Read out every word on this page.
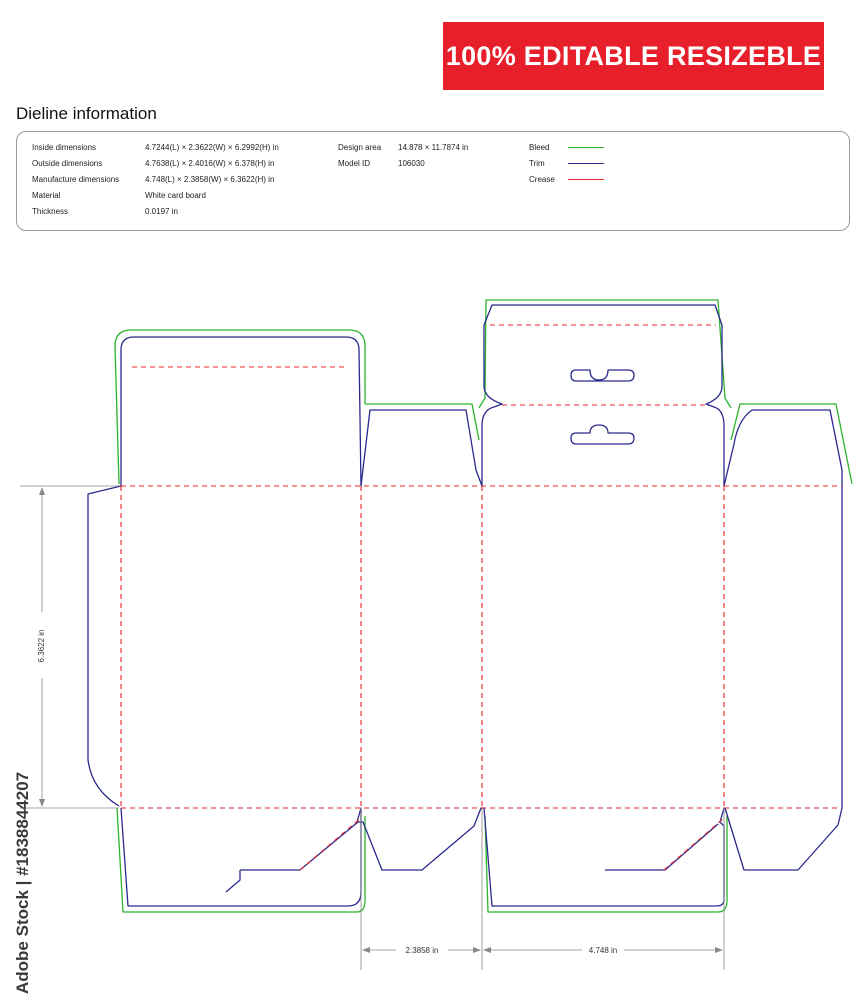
100% EDITABLE RESIZEBLE
Dieline information
Inside dimensions	4.7244(L) × 2.3622(W) × 6.2992(H) in
Outside dimensions	4.7638(L) × 2.4016(W) × 6.378(H) in
Manufacture dimensions	4.748(L) × 2.3858(W) × 6.3622(H) in
Material	White card board
Thickness	0.0197 in
Design area 14.878 × 11.7874 in
Model ID	106030
Bleed
Trim
Crease
6.3622 in
2.3858 in	4.748 in
Adobe Stock | #1838844207
